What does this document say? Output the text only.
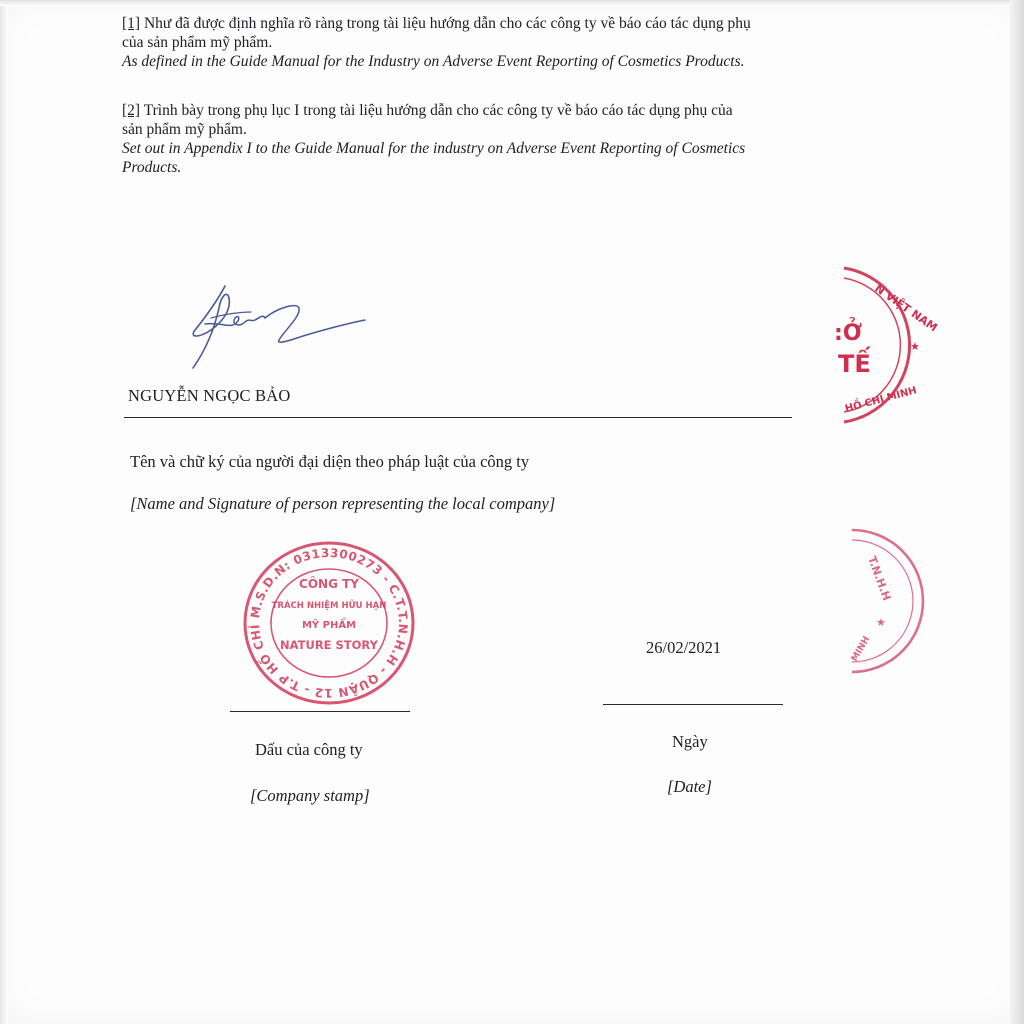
[1] Như đã được định nghĩa rõ ràng trong tài liệu hướng dẫn cho các công ty về báo cáo tác dụng phụ
của sản phẩm mỹ phẩm.
As defined in the Guide Manual for the Industry on Adverse Event Reporting of Cosmetics Products.
[2] Trình bày trong phụ lục I trong tài liệu hướng dẫn cho các công ty về báo cáo tác dụng phụ của
sản phẩm mỹ phẩm.
Set out in Appendix I to the Guide Manual for the industry on Adverse Event Reporting of Cosmetics
Products.
NGUYỄN NGỌC BẢO
Tên và chữ ký của người đại diện theo pháp luật của công ty
[Name and Signature of person representing the local company]
N VIỆT NAM
★
HỒ CHÍ MINH
:Ở
TẾ
M.S.D.N: 0313300273 - C.T.T.N.H.H - QUẬN 12 - T.P HỒ CHÍ MINH ★
CÔNG TY
TRÁCH NHIỆM HỮU HẠN
MỸ PHẨM
NATURE STORY
T.N.H.H
★
MINH
Dấu của công ty
[Company stamp]
26/02/2021
Ngày
[Date]
